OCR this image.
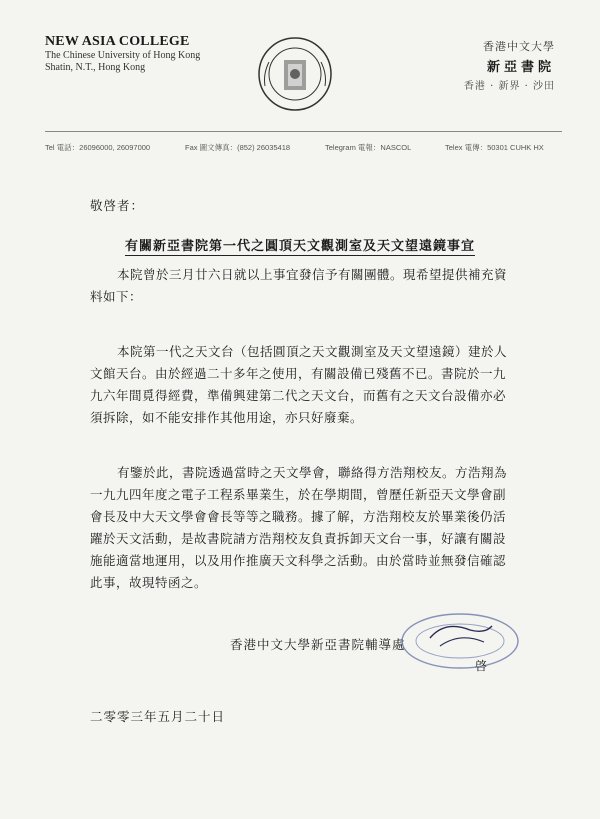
NEW ASIA COLLEGE
The Chinese University of Hong Kong
Shatin, N.T., Hong Kong
香港中文大學
新亞書院
香港 · 新界 · 沙田
Tel 電話：26096000, 26097000	Fax 圖文傳真：(852) 26035418	Telegram 電報：NASCOL	Telex 電傳：50301 CUHK HX
敬啓者：
有關新亞書院第一代之圓頂天文觀測室及天文望遠鏡事宜
本院曾於三月廿六日就以上事宜發信予有關團體。現希望提供補充資料如下：
本院第一代之天文台（包括圓頂之天文觀測室及天文望遠鏡）建於人文館天台。由於經過二十多年之使用，有關設備已殘舊不已。書院於一九九六年間覓得經費，準備興建第二代之天文台，而舊有之天文台設備亦必須拆除，如不能安排作其他用途，亦只好廢棄。
有鑒於此，書院透過當時之天文學會，聯絡得方浩翔校友。方浩翔為一九九四年度之電子工程系畢業生，於在學期間，曾歷任新亞天文學會副會長及中大天文學會會長等等之職務。據了解，方浩翔校友於畢業後仍活躍於天文活動，是故書院請方浩翔校友負責拆卸天文台一事，好讓有關設施能適當地運用，以及用作推廣天文科學之活動。由於當時並無發信確認此事，故現特函之。
香港中文大學新亞書院輔導處
啓
二零零三年五月二十日
